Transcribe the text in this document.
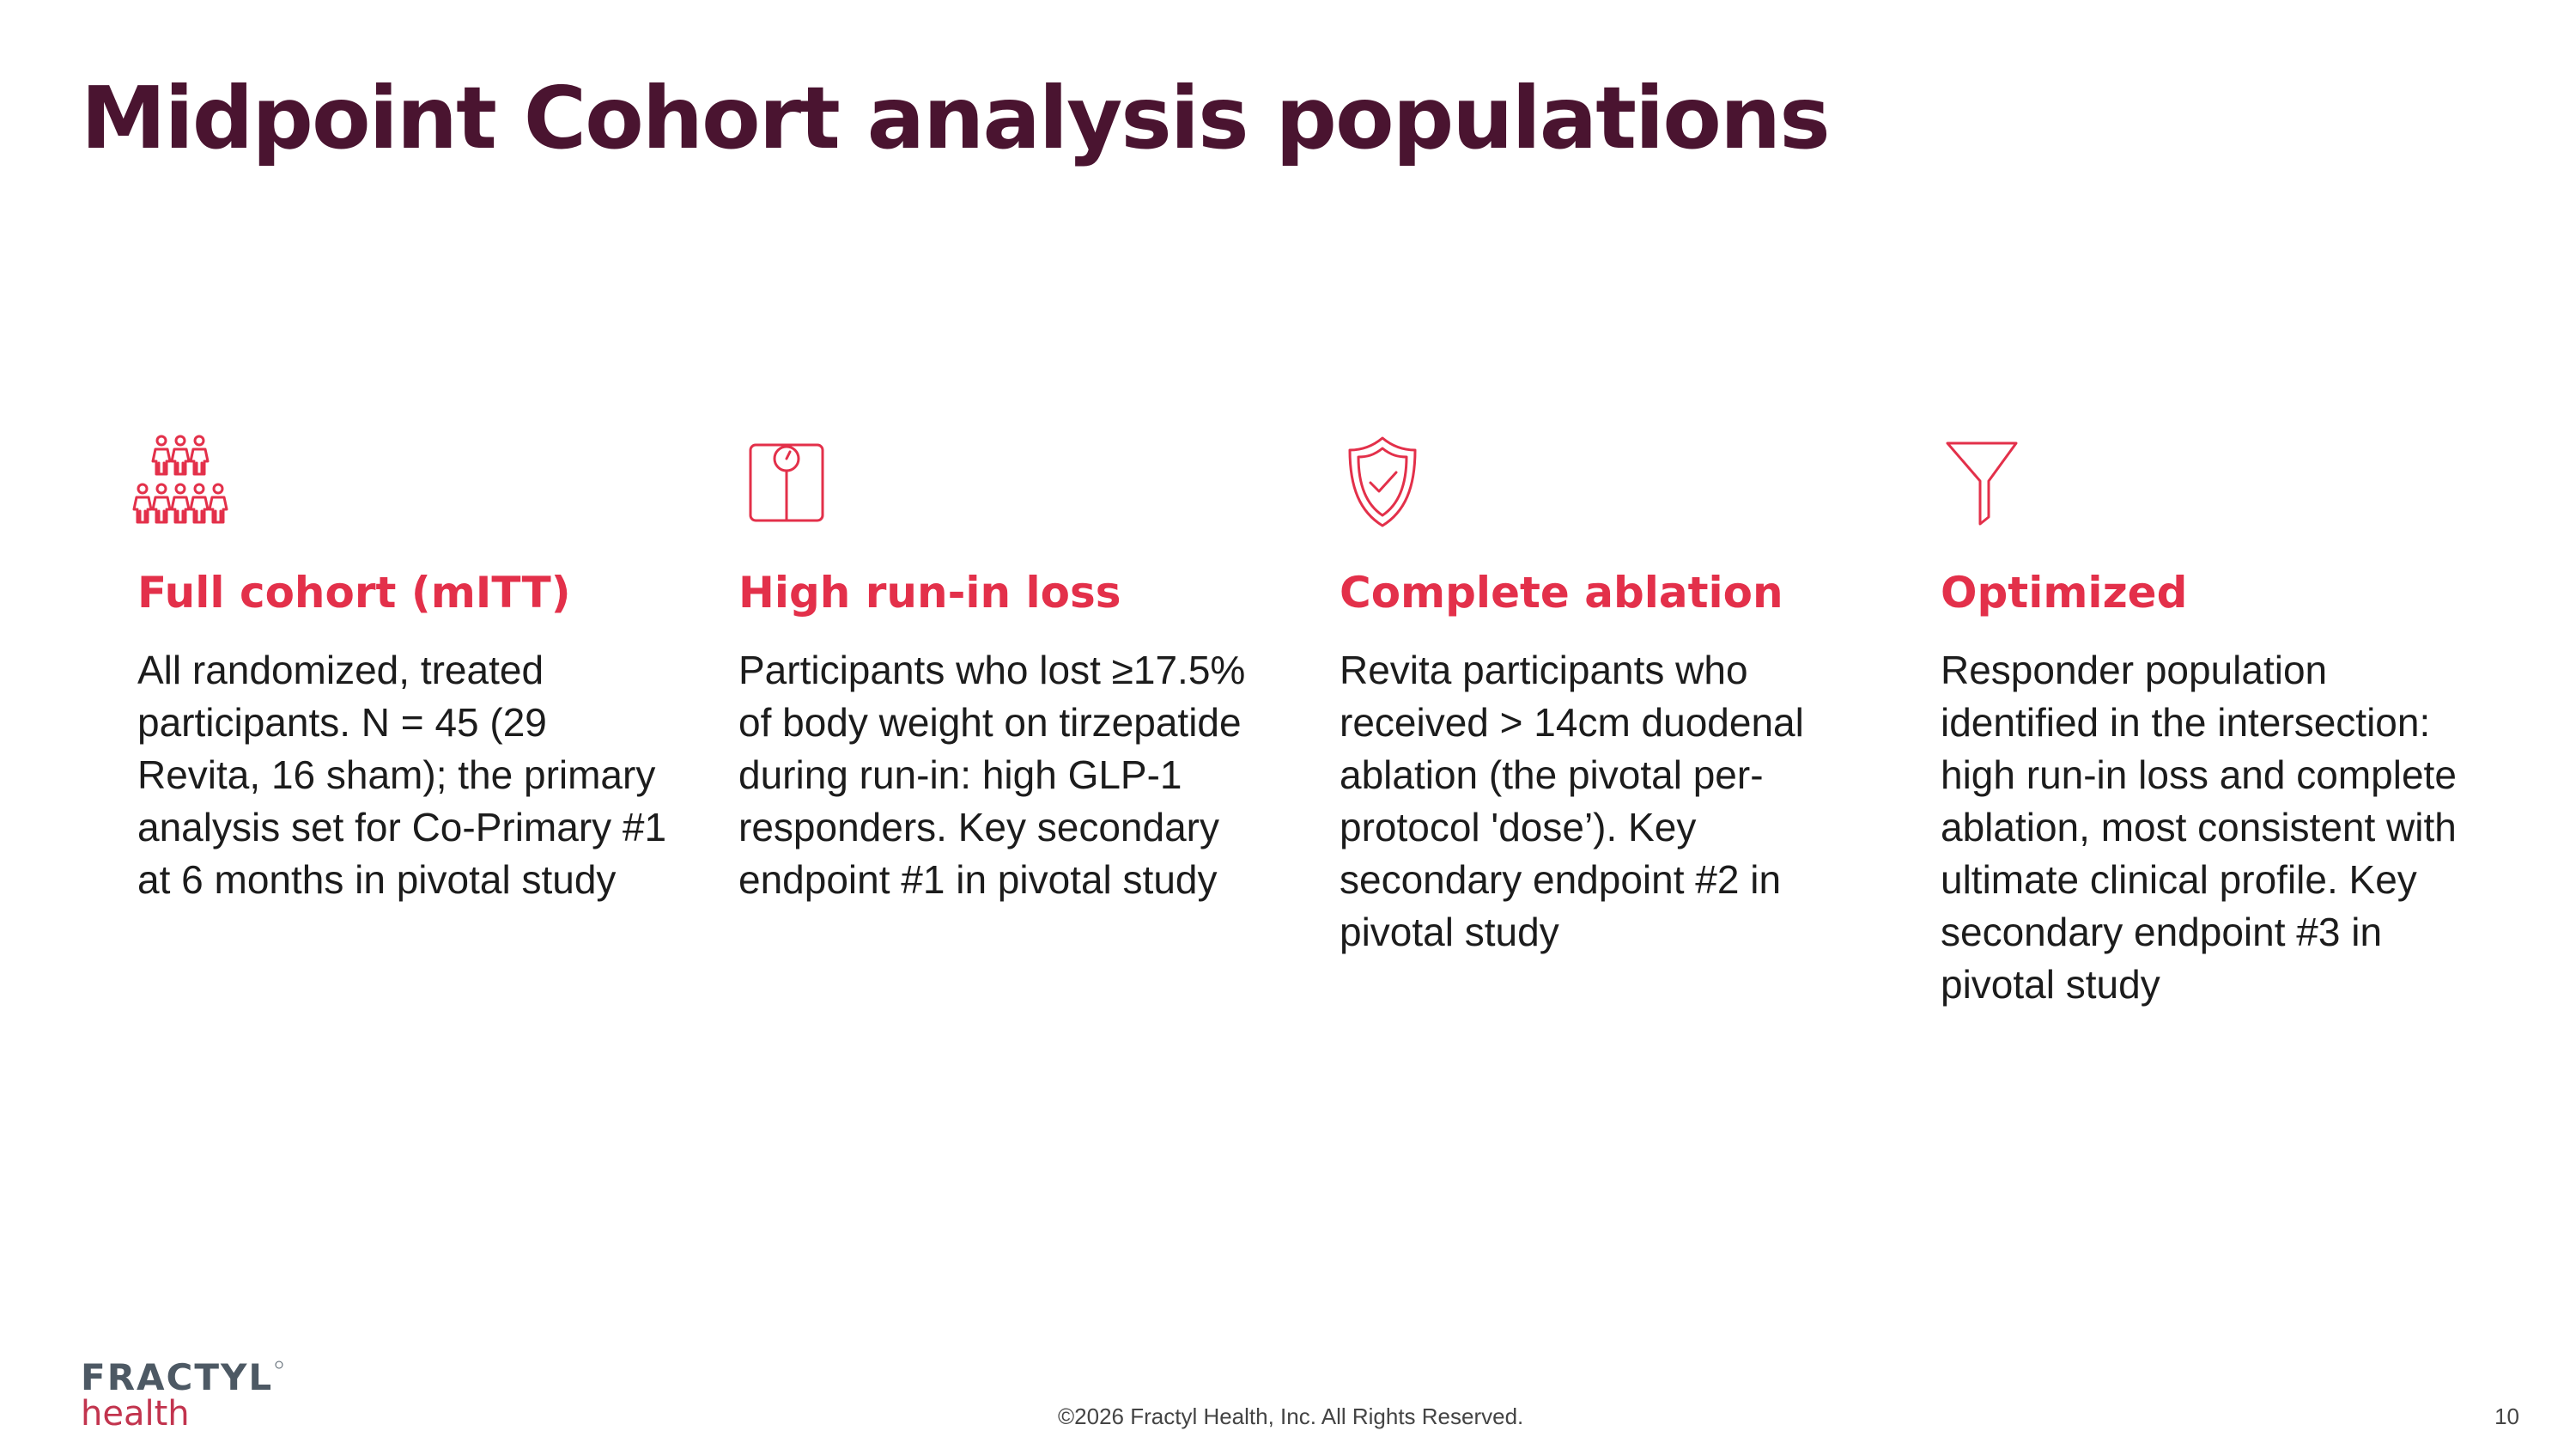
Midpoint Cohort analysis populations
Full cohort (mITT)

All randomized, treated participants. N = 45 (29 Revita, 16 sham); the primary analysis set for Co-Primary #1 at 6 months in pivotal study

High run-in loss

Participants who lost ≥17.5% of body weight on tirzepatide during run-in: high GLP-1 responders. Key secondary endpoint #1 in pivotal study

Complete ablation

Revita participants who received > 14cm duodenal ablation (the pivotal per-protocol 'dose’). Key secondary endpoint #2 in pivotal study

Optimized

Responder population identified in the intersection: high run-in loss and complete ablation, most consistent with ultimate clinical profile. Key secondary endpoint #3 in pivotal study

FRACTYL
health	©2026 Fractyl Health, Inc. All Rights Reserved.	10
